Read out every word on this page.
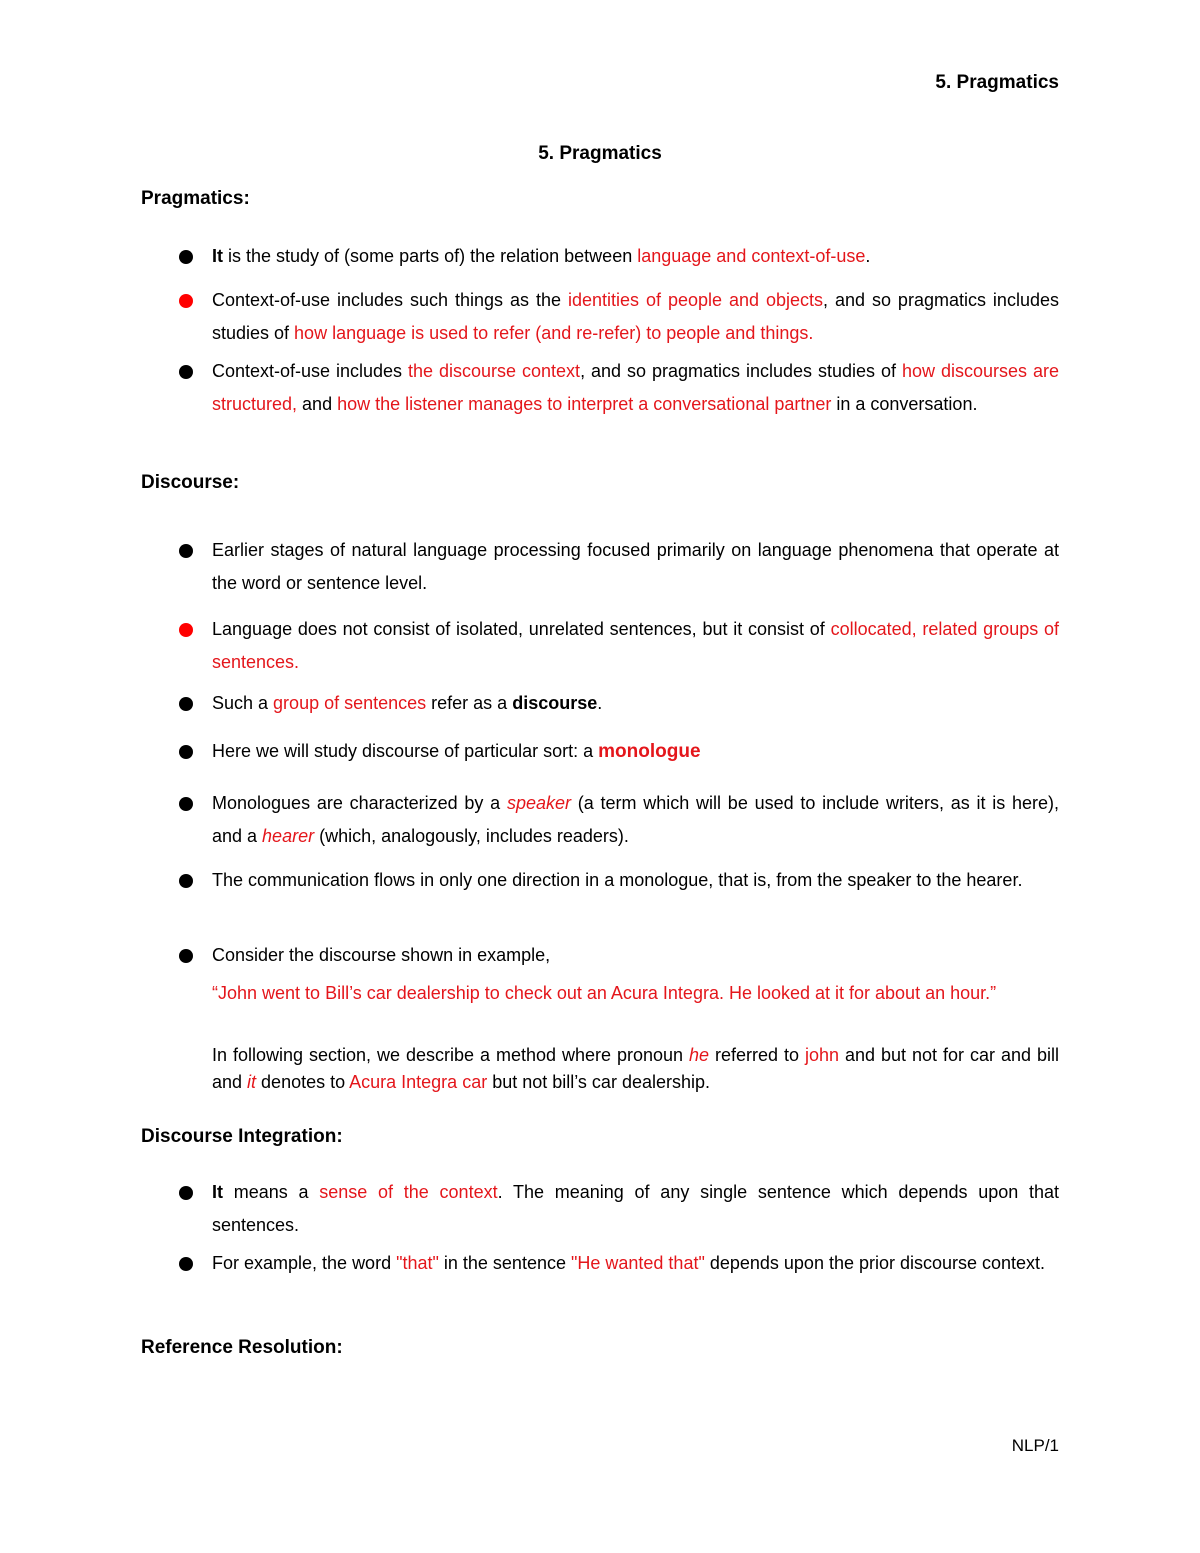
5. Pragmatics
5. Pragmatics
Pragmatics:
It is the study of (some parts of) the relation between language and context-of-use.
Context-of-use includes such things as the identities of people and objects, and so pragmatics includes studies of how language is used to refer (and re-refer) to people and things.
Context-of-use includes the discourse context, and so pragmatics includes studies of how discourses are structured, and how the listener manages to interpret a conversational partner in a conversation.
Discourse:
Earlier stages of natural language processing focused primarily on language phenomena that operate at the word or sentence level.
Language does not consist of isolated, unrelated sentences, but it consist of collocated, related groups of sentences.
Such a group of sentences refer as a discourse.
Here we will study discourse of particular sort: a monologue
Monologues are characterized by a speaker (a term which will be used to include writers, as it is here), and a hearer (which, analogously, includes readers).
The communication flows in only one direction in a monologue, that is, from the speaker to the hearer.
Consider the discourse shown in example,
“John went to Bill’s car dealership to check out an Acura Integra. He looked at it for about an hour.”
In following section, we describe a method where pronoun he referred to john and but not for car and bill and it denotes to Acura Integra car but not bill’s car dealership.
Discourse Integration:
It means a sense of the context. The meaning of any single sentence which depends upon that sentences.
For example, the word "that" in the sentence "He wanted that" depends upon the prior discourse context.
Reference Resolution:
NLP/1
